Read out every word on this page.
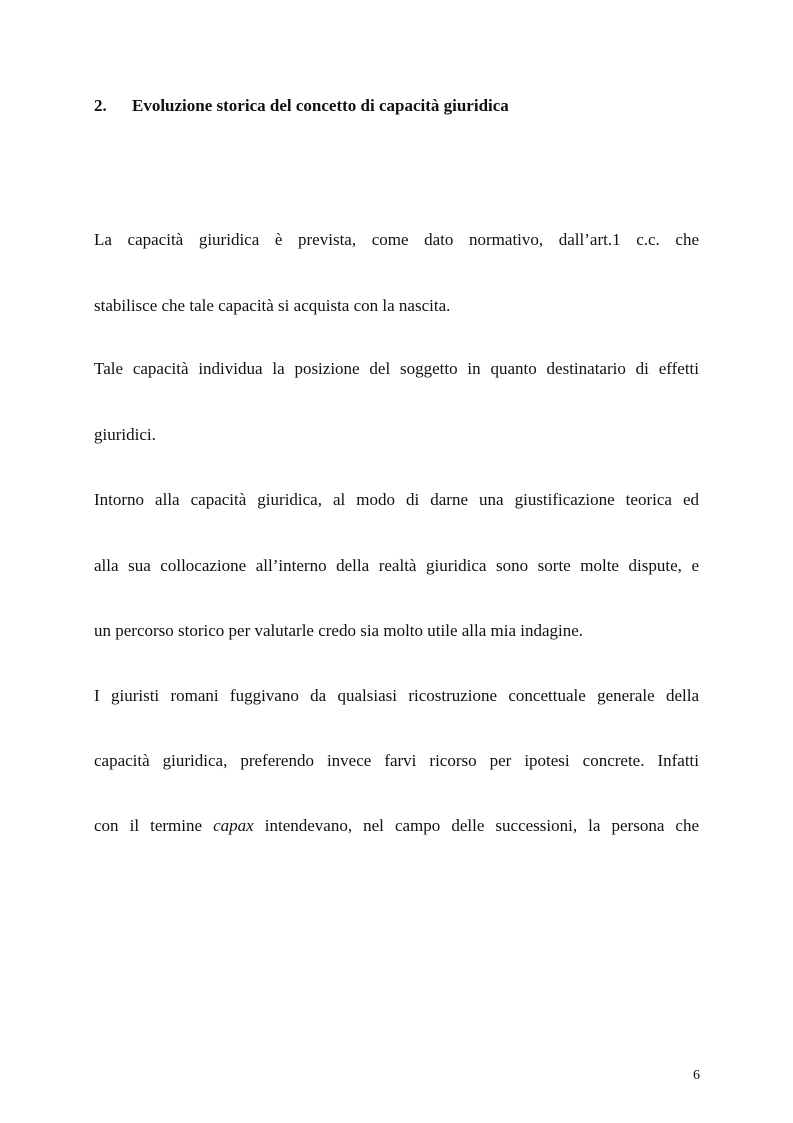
2. Evoluzione storica del concetto di capacità giuridica
La capacità giuridica è prevista, come dato normativo, dall’art.1 c.c. che
stabilisce che tale capacità si acquista con la nascita.
Tale capacità individua la posizione del soggetto in quanto destinatario di effetti
giuridici.
Intorno alla capacità giuridica, al modo di darne una giustificazione teorica ed
alla sua collocazione all’interno della realtà giuridica sono sorte molte dispute, e
un percorso storico per valutarle credo sia molto utile alla mia indagine.
I giuristi romani fuggivano da qualsiasi ricostruzione concettuale generale della
capacità giuridica, preferendo invece farvi ricorso per ipotesi concrete. Infatti
con il termine capax intendevano, nel campo delle successioni, la persona che
6
